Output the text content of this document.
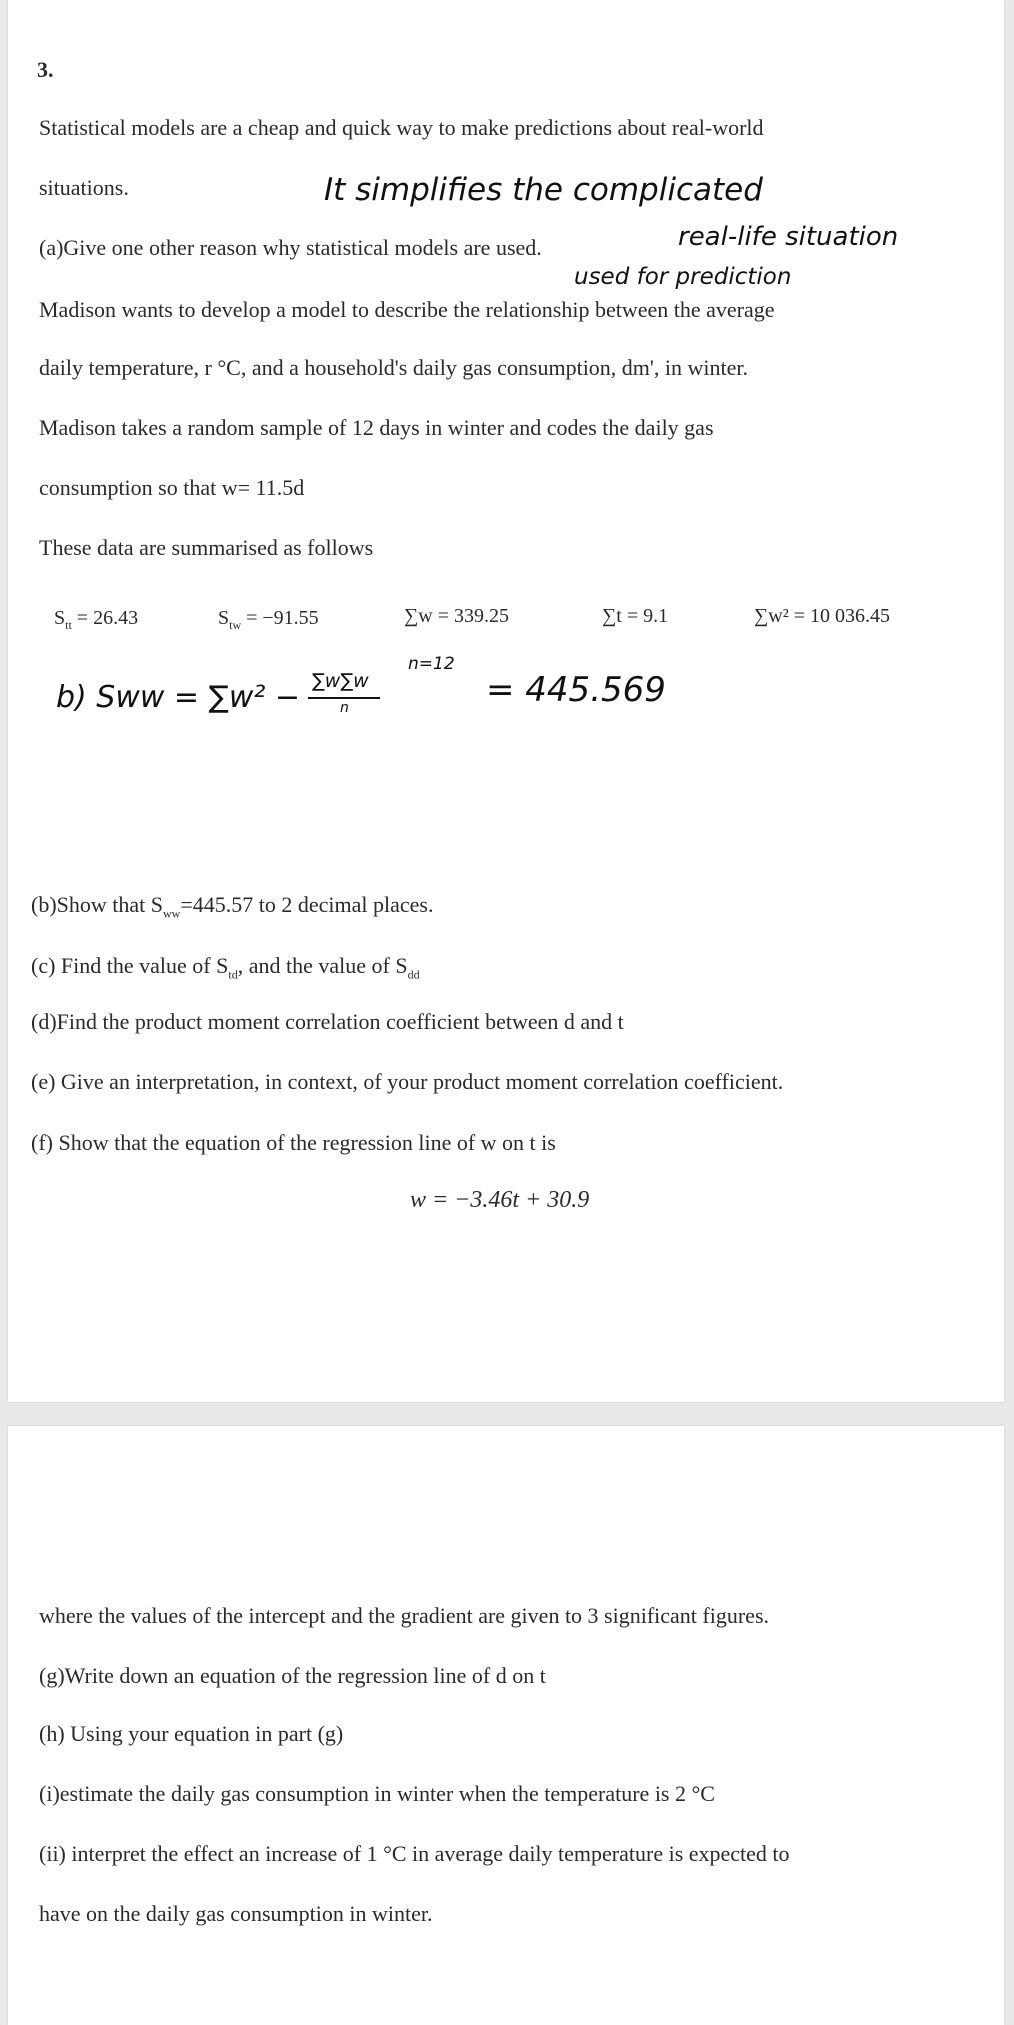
3.
Statistical models are a cheap and quick way to make predictions about real-world
situations.	It simplifies the complicated
(a)Give one other reason why statistical models are used.	real-life situation
used for prediction
Madison wants to develop a model to describe the relationship between the average
daily temperature, r °C, and a household's daily gas consumption, dm', in winter.
Madison takes a random sample of 12 days in winter and codes the daily gas
consumption so that w= 11.5d
These data are summarised as follows
$S_{tt} = 26.43$	$S_{tw} = -91.55$	∑w = 339.25	∑t = 9.1	∑w² = 10 036.45
n=12
b) Sww = ∑w² − ∑w∑w
n	= 445.569
(b)Show that $S_{ww}=445.57$ to 2 decimal places.
(c) Find the value of $S_{td}$, and the value of $S_{dd}$
(d)Find the product moment correlation coefficient between d and t
(e) Give an interpretation, in context, of your product moment correlation coefficient.
(f) Show that the equation of the regression line of w on t is
w = −3.46t + 30.9
where the values of the intercept and the gradient are given to 3 significant figures.
(g)Write down an equation of the regression line of d on t
(h) Using your equation in part (g)
(i)estimate the daily gas consumption in winter when the temperature is 2 °C
(ii) interpret the effect an increase of 1 °C in average daily temperature is expected to
have on the daily gas consumption in winter.
